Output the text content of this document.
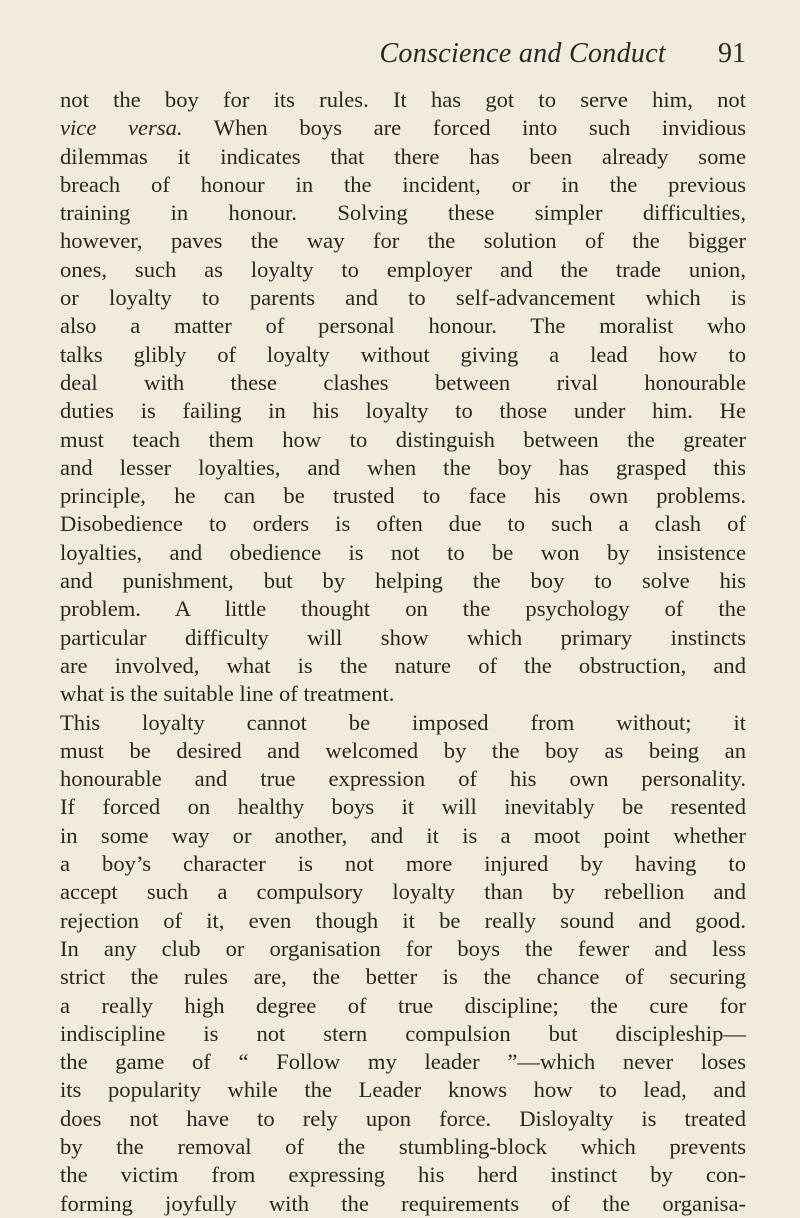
Conscience and Conduct 91
not the boy for its rules. It has got to serve him, not
vice versa. When boys are forced into such invidious
dilemmas it indicates that there has been already some
breach of honour in the incident, or in the previous
training in honour. Solving these simpler difficulties,
however, paves the way for the solution of the bigger
ones, such as loyalty to employer and the trade union,
or loyalty to parents and to self-advancement which is
also a matter of personal honour. The moralist who
talks glibly of loyalty without giving a lead how to
deal with these clashes between rival honourable
duties is failing in his loyalty to those under him. He
must teach them how to distinguish between the greater
and lesser loyalties, and when the boy has grasped this
principle, he can be trusted to face his own problems.
Disobedience to orders is often due to such a clash of
loyalties, and obedience is not to be won by insistence
and punishment, but by helping the boy to solve his
problem. A little thought on the psychology of the
particular difficulty will show which primary instincts
are involved, what is the nature of the obstruction, and
what is the suitable line of treatment.
This loyalty cannot be imposed from without; it
must be desired and welcomed by the boy as being an
honourable and true expression of his own personality.
If forced on healthy boys it will inevitably be resented
in some way or another, and it is a moot point whether
a boy’s character is not more injured by having to
accept such a compulsory loyalty than by rebellion and
rejection of it, even though it be really sound and good.
In any club or organisation for boys the fewer and less
strict the rules are, the better is the chance of securing
a really high degree of true discipline; the cure for
indiscipline is not stern compulsion but discipleship—
the game of “ Follow my leader ”—which never loses
its popularity while the Leader knows how to lead, and
does not have to rely upon force. Disloyalty is treated
by the removal of the stumbling-block which prevents
the victim from expressing his herd instinct by con-
forming joyfully with the requirements of the organisa-
